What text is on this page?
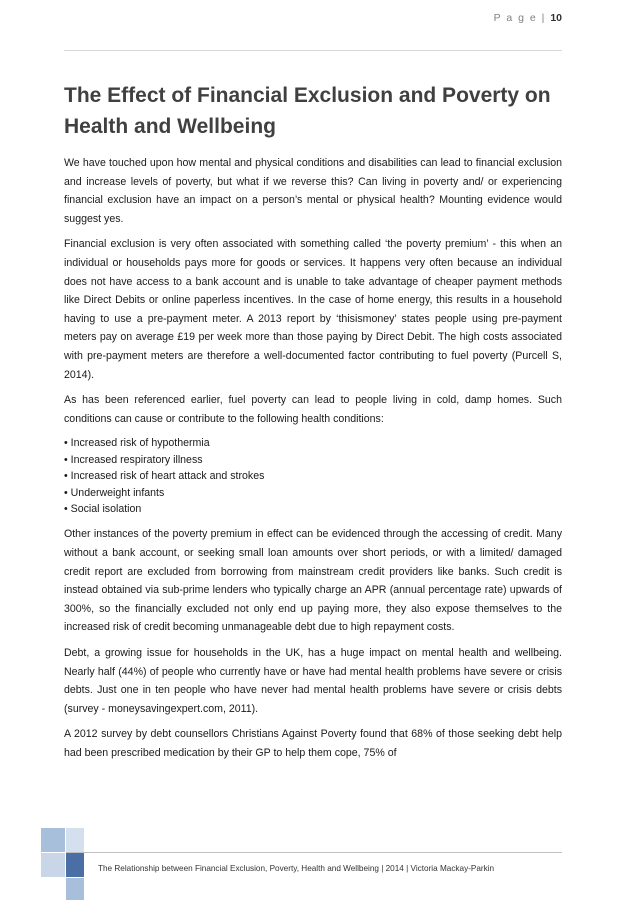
P a g e | 10
The Effect of Financial Exclusion and Poverty on Health and Wellbeing

We have touched upon how mental and physical conditions and disabilities can lead to financial exclusion and increase levels of poverty, but what if we reverse this? Can living in poverty and/ or experiencing financial exclusion have an impact on a person’s mental or physical health? Mounting evidence would suggest yes.

Financial exclusion is very often associated with something called ‘the poverty premium’ - this when an individual or households pays more for goods or services. It happens very often because an individual does not have access to a bank account and is unable to take advantage of cheaper payment methods like Direct Debits or online paperless incentives. In the case of home energy, this results in a household having to use a pre-payment meter. A 2013 report by ‘thisismoney’ states people using pre-payment meters pay on average £19 per week more than those paying by Direct Debit. The high costs associated with pre-payment meters are therefore a well-documented factor contributing to fuel poverty (Purcell S, 2014).

As has been referenced earlier, fuel poverty can lead to people living in cold, damp homes. Such conditions can cause or contribute to the following health conditions:

• Increased risk of hypothermia
• Increased respiratory illness
• Increased risk of heart attack and strokes
• Underweight infants
• Social isolation

Other instances of the poverty premium in effect can be evidenced through the accessing of credit. Many without a bank account, or seeking small loan amounts over short periods, or with a limited/ damaged credit report are excluded from borrowing from mainstream credit providers like banks. Such credit is instead obtained via sub-prime lenders who typically charge an APR (annual percentage rate) upwards of 300%, so the financially excluded not only end up paying more, they also expose themselves to the increased risk of credit becoming unmanageable debt due to high repayment costs.

Debt, a growing issue for households in the UK, has a huge impact on mental health and wellbeing. Nearly half (44%) of people who currently have or have had mental health problems have severe or crisis debts. Just one in ten people who have never had mental health problems have severe or crisis debts (survey - moneysavingexpert.com, 2011).

A 2012 survey by debt counsellors Christians Against Poverty found that 68% of those seeking debt help had been prescribed medication by their GP to help them cope, 75% of

The Relationship between Financial Exclusion, Poverty, Health and Wellbeing | 2014 | Victoria Mackay-Parkin
